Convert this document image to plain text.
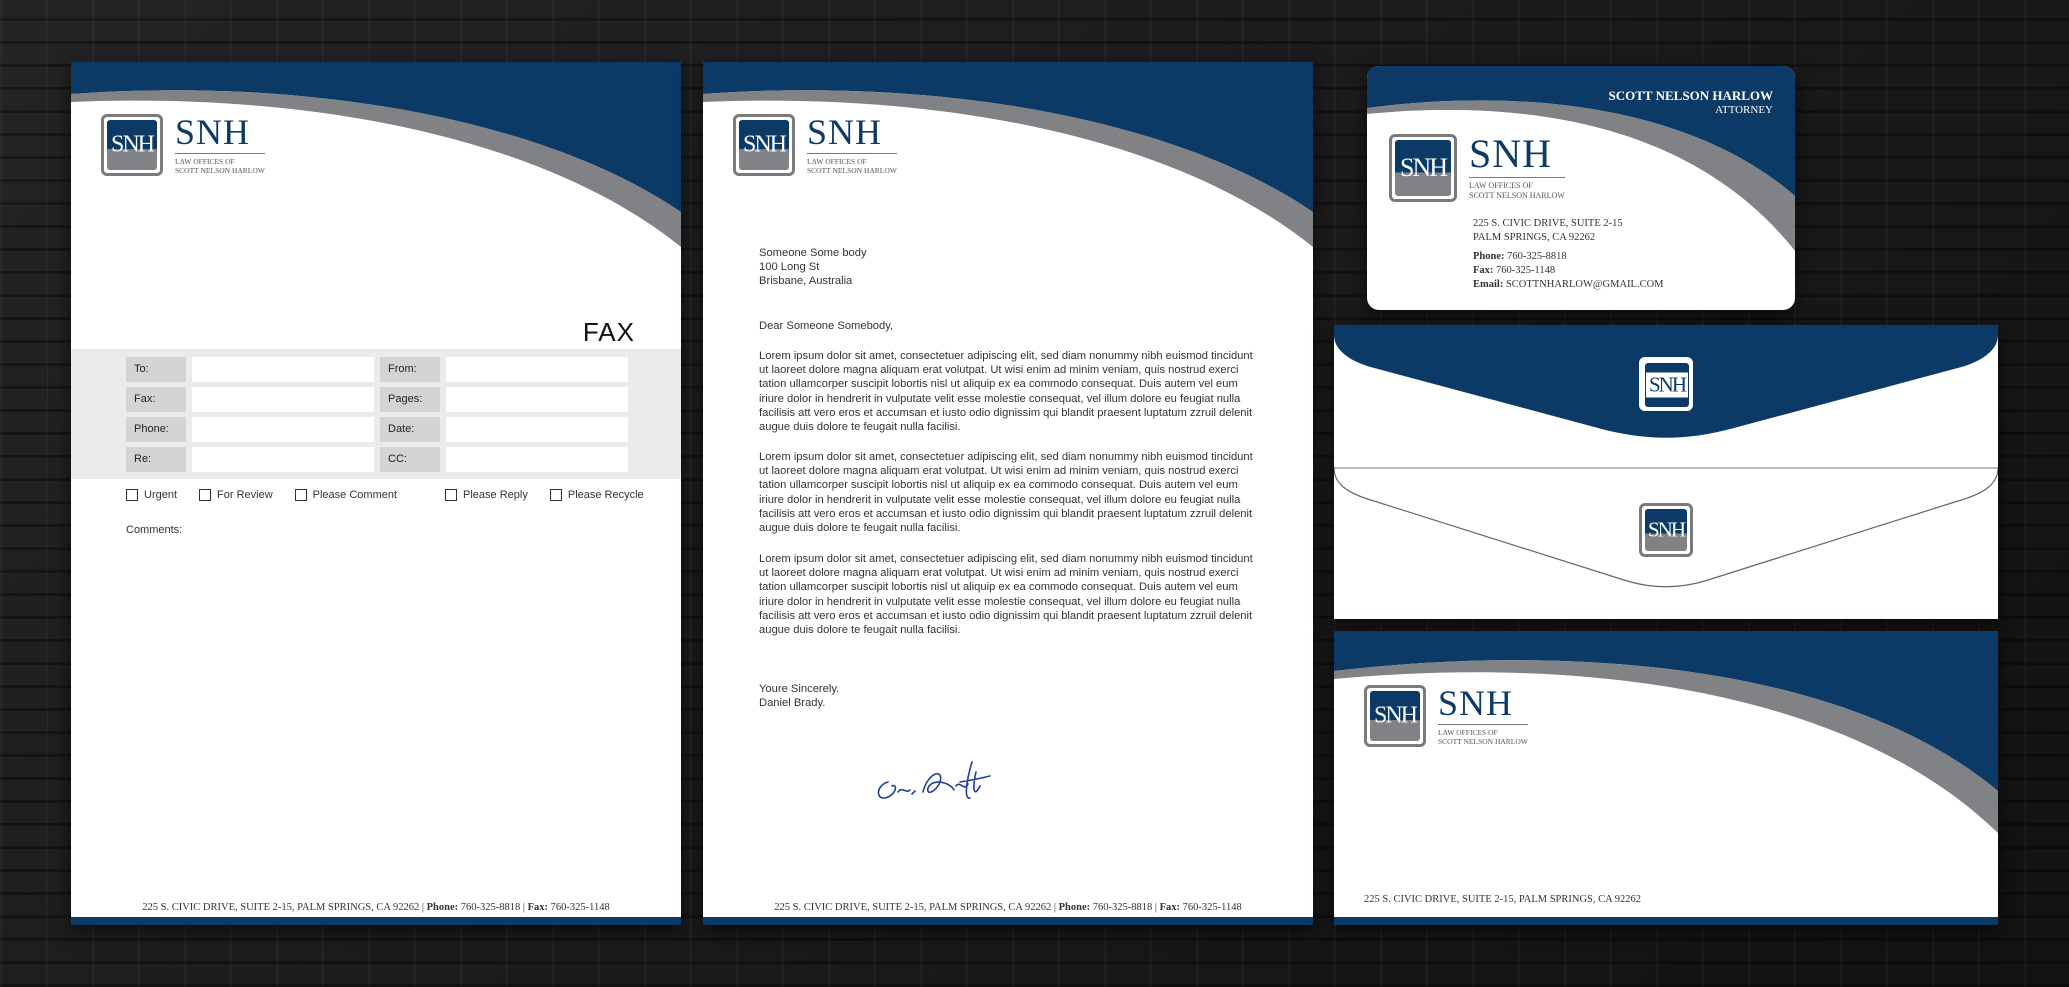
SNH SNH
LAW OFFICES OF
SCOTT NELSON HARLOW
FAX
To:	From:
Fax:	Pages:
Phone:	Date:
Re:	CC:
Urgent	For Review	Please Comment	Please Reply	Please Recycle
Comments:
225 S. CIVIC DRIVE, SUITE 2-15, PALM SPRINGS, CA 92262 | Phone: 760-325-8818 | Fax: 760-325-1148
SNH SNH
LAW OFFICES OF
SCOTT NELSON HARLOW
Someone Some body
100 Long St
Brisbane, Australia
Dear Someone Somebody,
Lorem ipsum dolor sit amet, consectetuer adipiscing elit, sed diam nonummy nibh euismod tincidunt ut laoreet dolore magna aliquam erat volutpat. Ut wisi enim ad minim veniam, quis nostrud exerci tation ullamcorper suscipit lobortis nisl ut aliquip ex ea commodo consequat. Duis autem vel eum iriure dolor in hendrerit in vulputate velit esse molestie consequat, vel illum dolore eu feugiat nulla facilisis att vero eros et accumsan et iusto odio dignissim qui blandit praesent luptatum zzruil delenit augue duis dolore te feugait nulla facilisi.
Lorem ipsum dolor sit amet, consectetuer adipiscing elit, sed diam nonummy nibh euismod tincidunt ut laoreet dolore magna aliquam erat volutpat. Ut wisi enim ad minim veniam, quis nostrud exerci tation ullamcorper suscipit lobortis nisl ut aliquip ex ea commodo consequat. Duis autem vel eum iriure dolor in hendrerit in vulputate velit esse molestie consequat, vel illum dolore eu feugiat nulla facilisis att vero eros et accumsan et iusto odio dignissim qui blandit praesent luptatum zzruil delenit augue duis dolore te feugait nulla facilisi.
Lorem ipsum dolor sit amet, consectetuer adipiscing elit, sed diam nonummy nibh euismod tincidunt ut laoreet dolore magna aliquam erat volutpat. Ut wisi enim ad minim veniam, quis nostrud exerci tation ullamcorper suscipit lobortis nisl ut aliquip ex ea commodo consequat. Duis autem vel eum iriure dolor in hendrerit in vulputate velit esse molestie consequat, vel illum dolore eu feugiat nulla facilisis att vero eros et accumsan et iusto odio dignissim qui blandit praesent luptatum zzruil delenit augue duis dolore te feugait nulla facilisi.
Youre Sincerely.
Daniel Brady.
225 S. CIVIC DRIVE, SUITE 2-15, PALM SPRINGS, CA 92262 | Phone: 760-325-8818 | Fax: 760-325-1148
SCOTT NELSON HARLOW
ATTORNEY
SNH SNH
LAW OFFICES OF
SCOTT NELSON HARLOW
225 S. CIVIC DRIVE, SUITE 2-15
PALM SPRINGS, CA 92262
Phone: 760-325-8818
Fax: 760-325-1148
Email: SCOTTNHARLOW@GMAIL.COM
SNH
SNH
SNH SNH
LAW OFFICES OF
SCOTT NELSON HARLOW
225 S. CIVIC DRIVE, SUITE 2-15, PALM SPRINGS, CA 92262
